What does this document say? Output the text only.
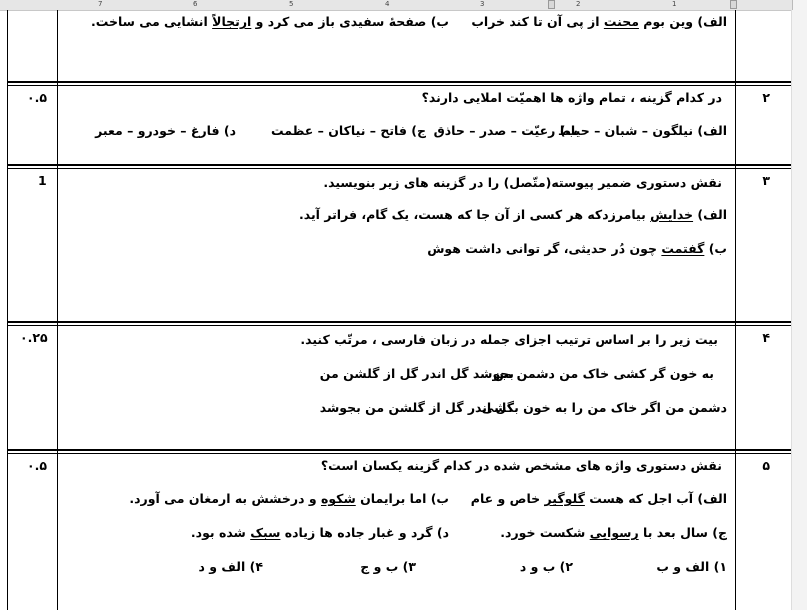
7	6	5	4	3	2	1
الف) وین بوم محنت از پی آن تا کند خراب
ب) صفحهٔ سفیدی باز می کرد و ارتجالاً انشایی می ساخت.
۲
۰.۵	در کدام گزینه ، تمام واژه ها اهمیّت املایی دارند؟
الف) نیلگون – شبان – حیاط
ب) رعیّت – صدر – حاذق
ج) فاتح – نیاکان – عظمت
د) فارغ – خودرو – معبر
۳
1	نقش دستوری ضمیر پیوسته(متّصل) را در گزینه های زیر بنویسید.
الف) خدایش بیامرزدکه هر کسی از آن جا که هست، یک گام، فراتر آید.
ب) گفتمت چون دُر حدیثی، گر توانی داشت هوش
۴
۰.۲۵	بیت زیر را بر اساس ترتیب اجزای جمله در زبان فارسی ، مرتّب کنید.
به خون گر کشی خاک من دشمن من
بجوشد گل اندر گل از گلشن من
دشمن من اگر خاک من را به خون بکشی
گل اندر گل از گلشن من بجوشد
۵
۰.۵	نقش دستوری واژه های مشخص شده در کدام گزینه یکسان است؟
الف) آب اجل که هست گلوگیر خاص و عام
ب) اما برایمان شکوه و درخشش به ارمغان می آورد.
ج) سال بعد با رسوایی شکست خورد.
د) گرد و غبار جاده ها زیاده سبک شده بود.
۱) الف و ب
۲) ب و د
۳) ب و ج
۴) الف و د
